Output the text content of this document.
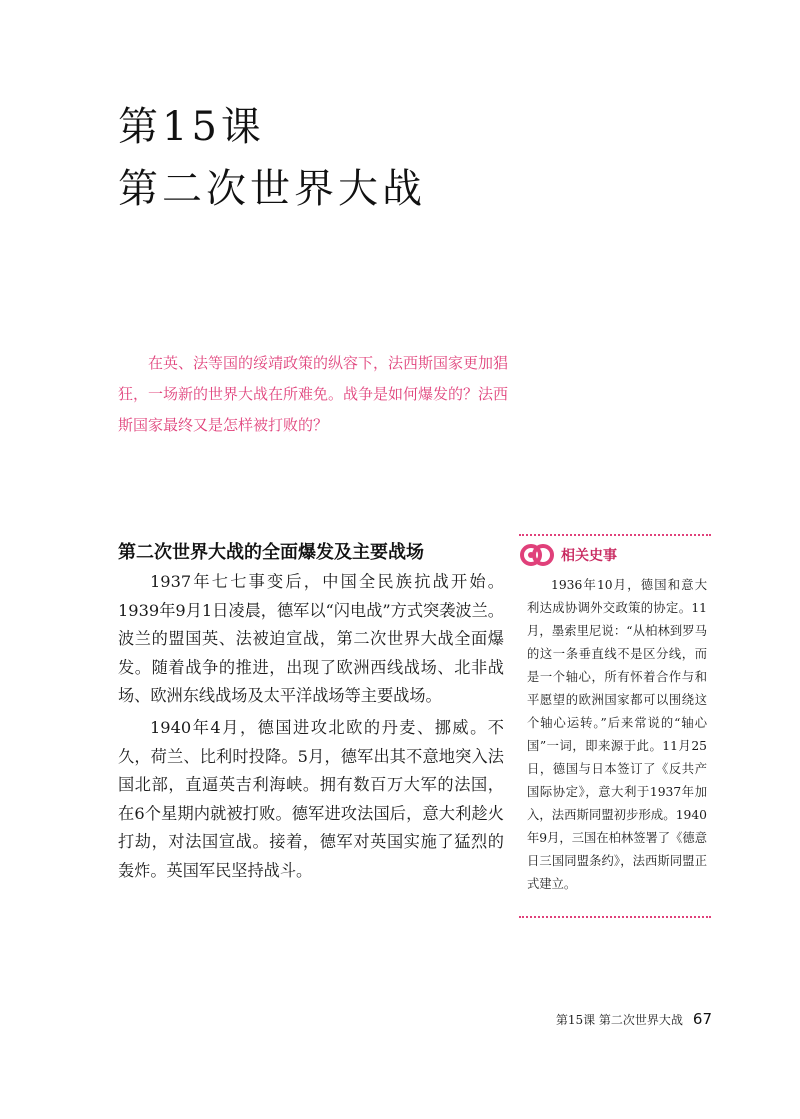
第15课
第二次世界大战

在英、法等国的绥靖政策的纵容下，法西斯国家更加猖狂，一场新的世界大战在所难免。战争是如何爆发的？法西斯国家最终又是怎样被打败的？

第二次世界大战的全面爆发及主要战场

1937年七七事变后，中国全民族抗战开始。1939年9月1日凌晨，德军以“闪电战”方式突袭波兰。波兰的盟国英、法被迫宣战，第二次世界大战全面爆发。随着战争的推进，出现了欧洲西线战场、北非战场、欧洲东线战场及太平洋战场等主要战场。

1940年4月，德国进攻北欧的丹麦、挪威。不久，荷兰、比利时投降。5月，德军出其不意地突入法国北部，直逼英吉利海峡。拥有数百万大军的法国，在6个星期内就被打败。德军进攻法国后，意大利趁火打劫，对法国宣战。接着，德军对英国实施了猛烈的轰炸。英国军民坚持战斗。

相关史事

1936年10月，德国和意大利达成协调外交政策的协定。11月，墨索里尼说：“从柏林到罗马的这一条垂直线不是区分线，而是一个轴心，所有怀着合作与和平愿望的欧洲国家都可以围绕这个轴心运转。”后来常说的“轴心国”一词，即来源于此。11月25日，德国与日本签订了《反共产国际协定》，意大利于1937年加入，法西斯同盟初步形成。1940年9月，三国在柏林签署了《德意日三国同盟条约》，法西斯同盟正式建立。

第15课 第二次世界大战 67
